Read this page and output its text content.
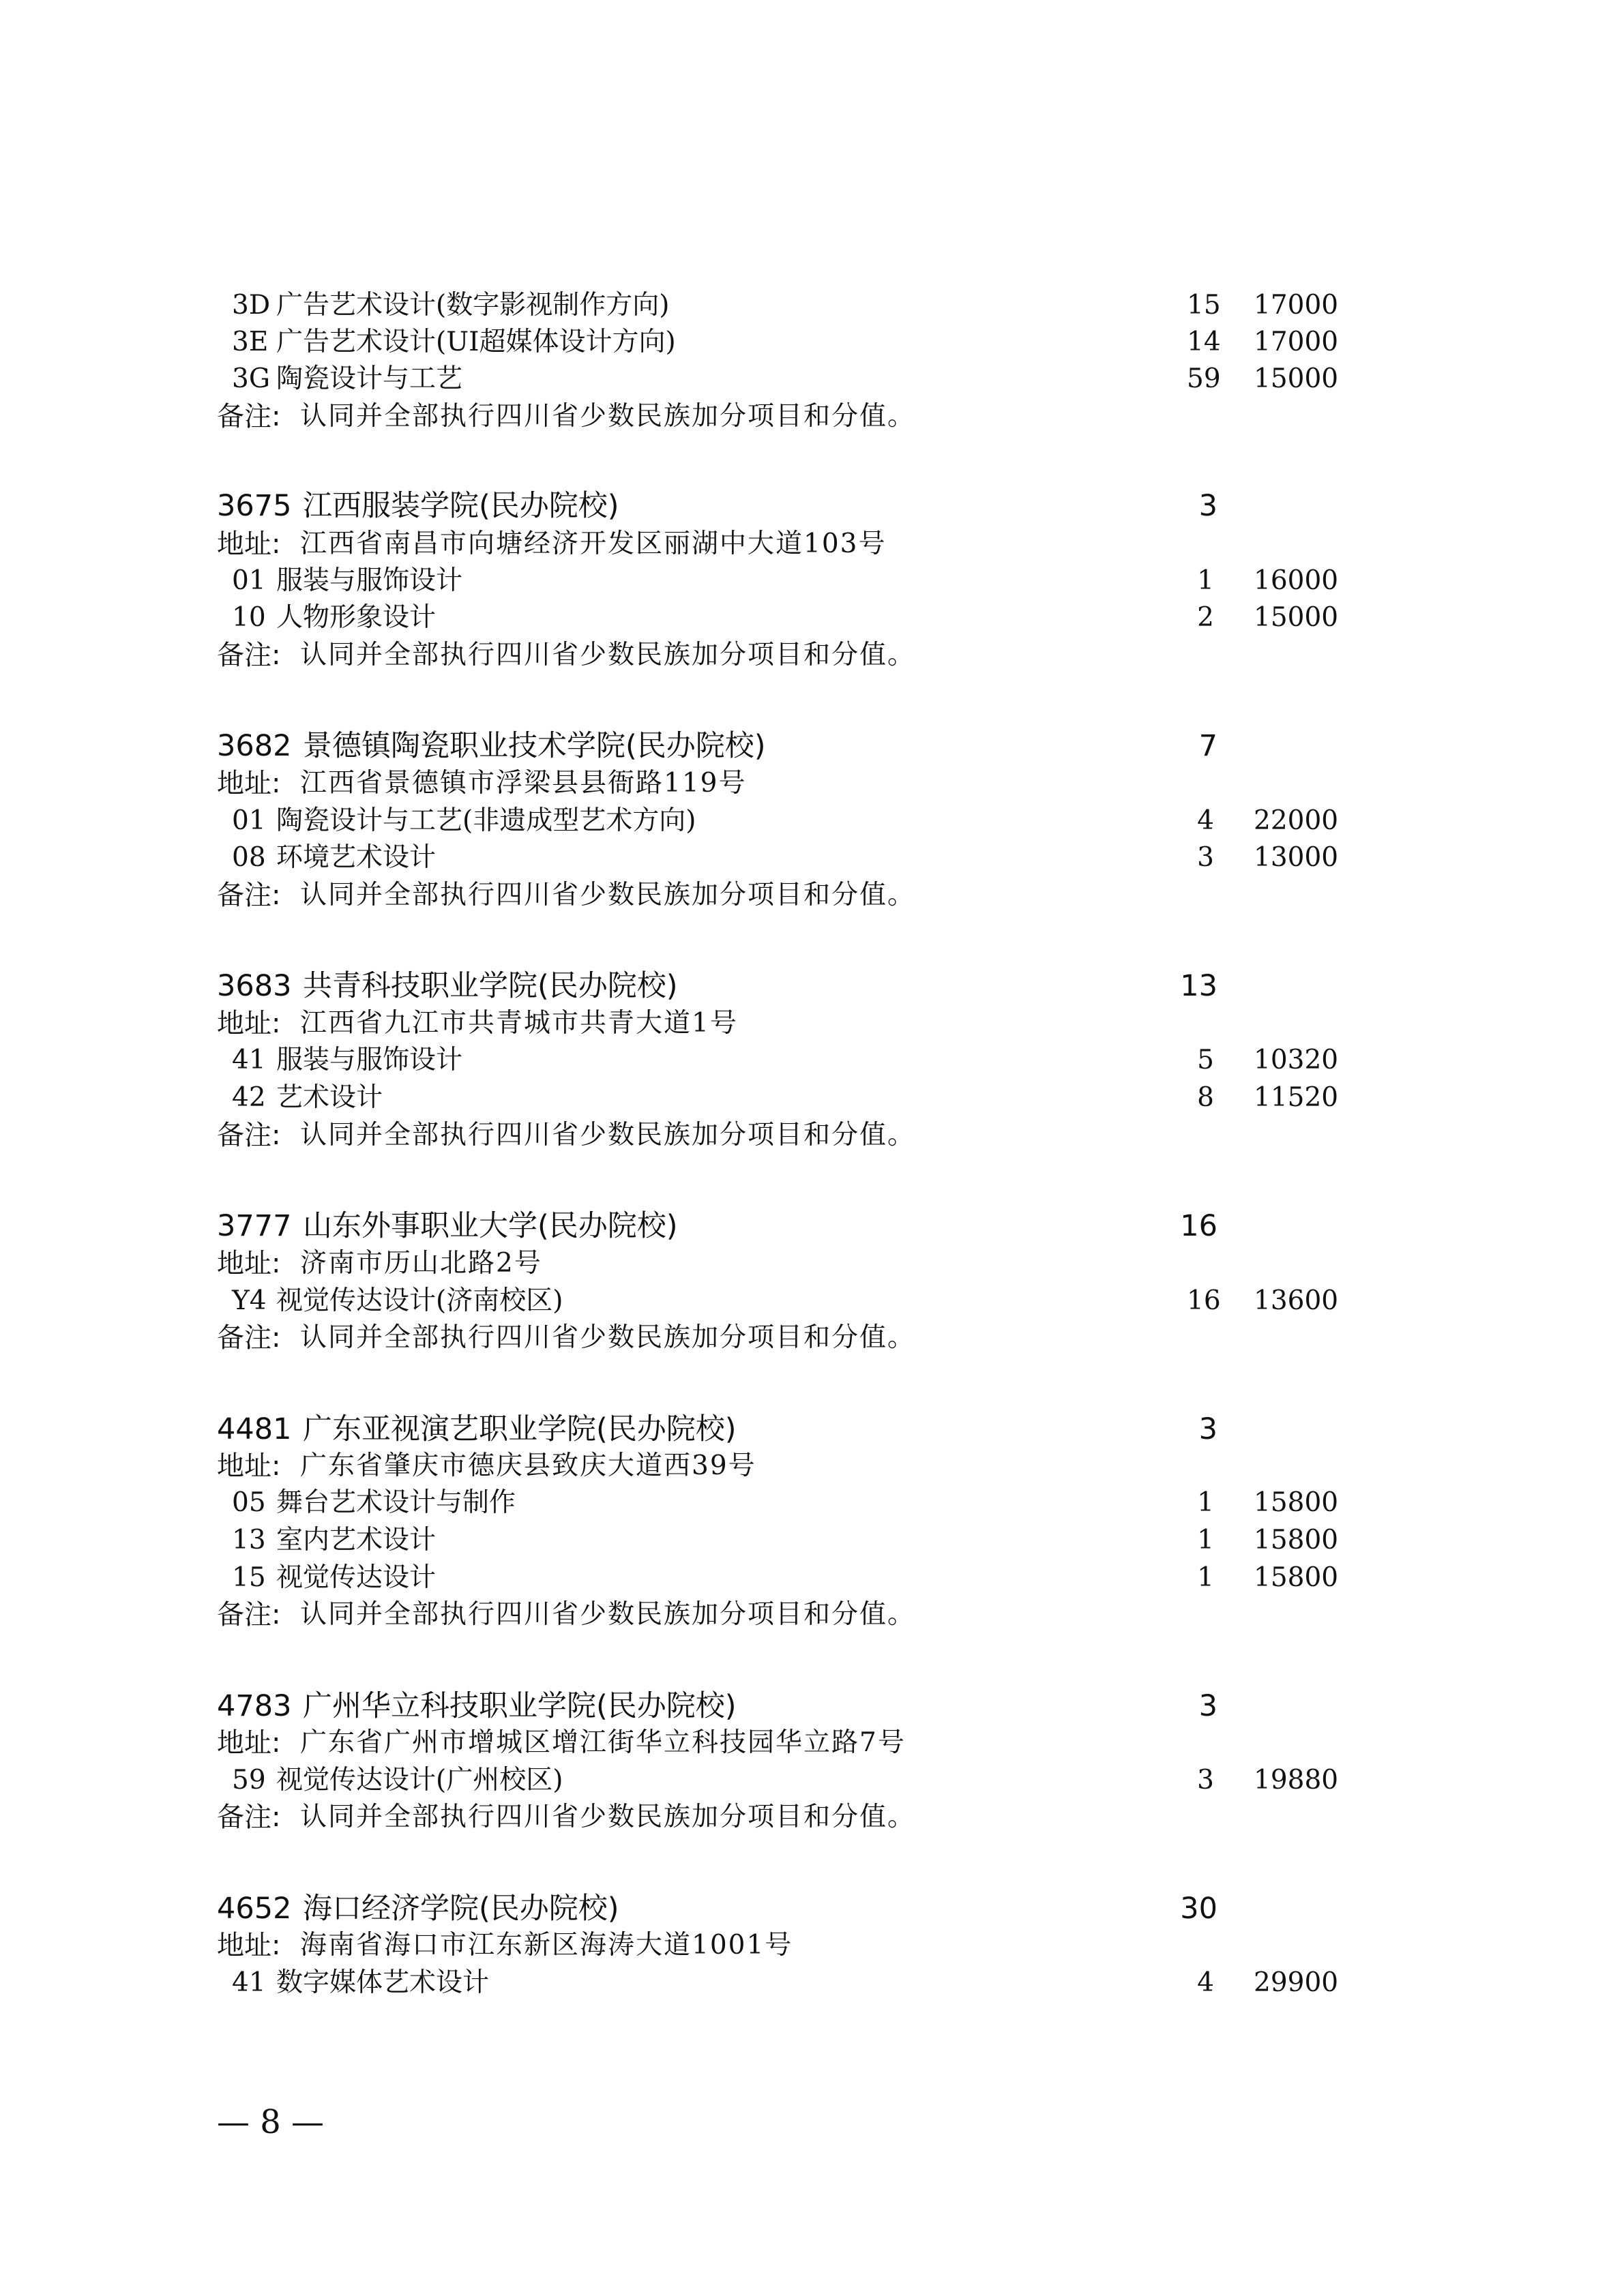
— 8 —
3D 广告艺术设计(数字影视制作方向)	15 17000
3E 广告艺术设计(UI超媒体设计方向)	14 17000
3G 陶瓷设计与工艺	59 15000
备注: 认同并全部执行四川省少数民族加分项目和分值。
3675 江西服装学院(民办院校)	3
地址: 江西省南昌市向塘经济开发区丽湖中大道103号
01 服装与服饰设计	1 16000
10 人物形象设计	2 15000
备注: 认同并全部执行四川省少数民族加分项目和分值。
3682 景德镇陶瓷职业技术学院(民办院校)	7
地址: 江西省景德镇市浮梁县县衙路119号
01 陶瓷设计与工艺(非遗成型艺术方向)	4 22000
08 环境艺术设计	3 13000
备注: 认同并全部执行四川省少数民族加分项目和分值。
3683 共青科技职业学院(民办院校)	13
地址: 江西省九江市共青城市共青大道1号
41 服装与服饰设计	5 10320
42 艺术设计	8 11520
备注: 认同并全部执行四川省少数民族加分项目和分值。
3777 山东外事职业大学(民办院校)	16
地址: 济南市历山北路2号
Y4 视觉传达设计(济南校区)	16 13600
备注: 认同并全部执行四川省少数民族加分项目和分值。
4481 广东亚视演艺职业学院(民办院校)	3
地址: 广东省肇庆市德庆县致庆大道西39号
05 舞台艺术设计与制作	1 15800
13 室内艺术设计	1 15800
15 视觉传达设计	1 15800
备注: 认同并全部执行四川省少数民族加分项目和分值。
4783 广州华立科技职业学院(民办院校)	3
地址: 广东省广州市增城区增江街华立科技园华立路7号
59 视觉传达设计(广州校区)	3 19880
备注: 认同并全部执行四川省少数民族加分项目和分值。
4652 海口经济学院(民办院校)	30
地址: 海南省海口市江东新区海涛大道1001号
41 数字媒体艺术设计	4 29900
